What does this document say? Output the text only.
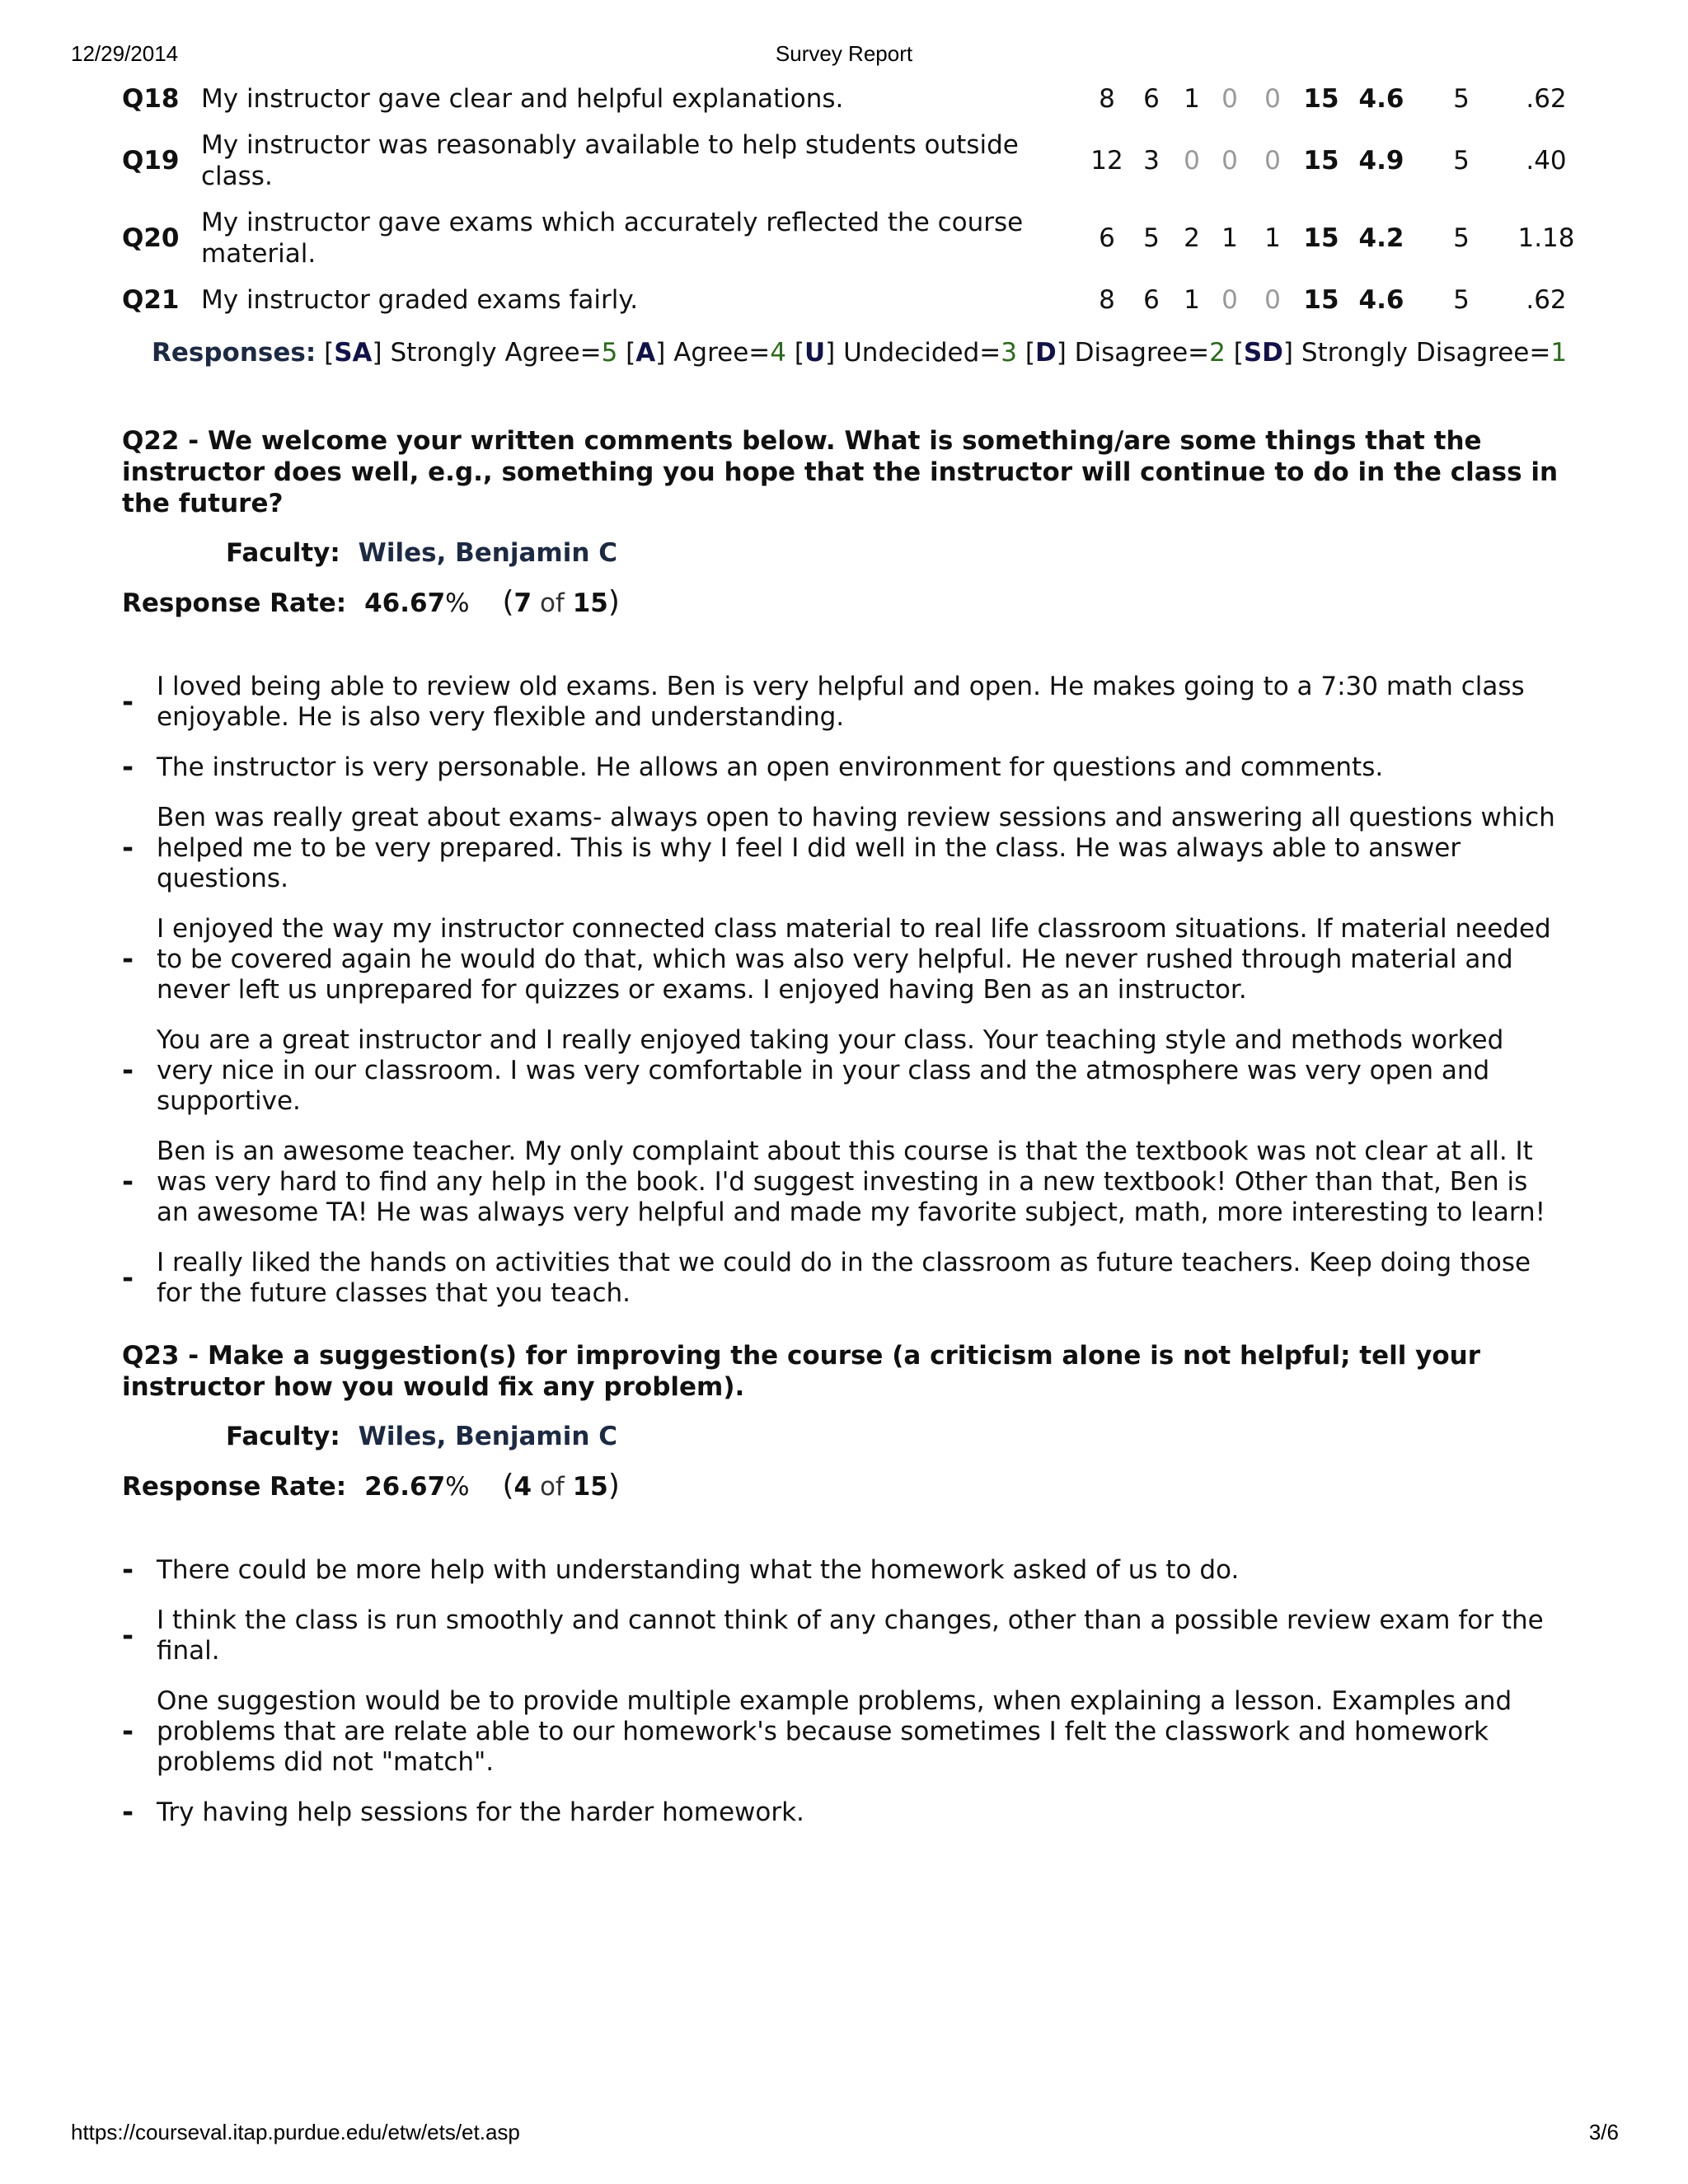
12/29/2014	Survey Report
Q18	My instructor gave clear and helpful explanations.	8	6	1	0	0	15	4.6	5	.62
Q19	My instructor was reasonably available to help students outside class.	12	3	0	0	0	15	4.9	5	.40
Q20	My instructor gave exams which accurately reflected the course material.	6	5	2	1	1	15	4.2	5	1.18
Q21	My instructor graded exams fairly.	8	6	1	0	0	15	4.6	5	.62
Responses: [SA] Strongly Agree=5 [A] Agree=4 [U] Undecided=3 [D] Disagree=2 [SD] Strongly Disagree=1

Q22 - We welcome your written comments below. What is something/are some things that the instructor does well, e.g., something you hope that the instructor will continue to do in the class in the future?

Faculty: Wiles, Benjamin C
Response Rate: 46.67% (7 of 15)
- I loved being able to review old exams. Ben is very helpful and open. He makes going to a 7:30 math class enjoyable. He is also very flexible and understanding.
- The instructor is very personable. He allows an open environment for questions and comments.
-
Ben was really great about exams- always open to having review sessions and answering all questions which helped me to be very prepared. This is why I feel I did well in the class. He was always able to answer questions.
-
I enjoyed the way my instructor connected class material to real life classroom situations. If material needed to be covered again he would do that, which was also very helpful. He never rushed through material and never left us unprepared for quizzes or exams. I enjoyed having Ben as an instructor.
-
You are a great instructor and I really enjoyed taking your class. Your teaching style and methods worked very nice in our classroom. I was very comfortable in your class and the atmosphere was very open and supportive.
-
Ben is an awesome teacher. My only complaint about this course is that the textbook was not clear at all. It was very hard to find any help in the book. I'd suggest investing in a new textbook! Other than that, Ben is an awesome TA! He was always very helpful and made my favorite subject, math, more interesting to learn!
- I really liked the hands on activities that we could do in the classroom as future teachers. Keep doing those for the future classes that you teach.

Q23 - Make a suggestion(s) for improving the course (a criticism alone is not helpful; tell your instructor how you would fix any problem).

Faculty: Wiles, Benjamin C
Response Rate: 26.67% (4 of 15)
- There could be more help with understanding what the homework asked of us to do.
- I think the class is run smoothly and cannot think of any changes, other than a possible review exam for the final.
-
One suggestion would be to provide multiple example problems, when explaining a lesson. Examples and problems that are relate able to our homework's because sometimes I felt the classwork and homework problems did not "match".
- Try having help sessions for the harder homework.
https://courseval.itap.purdue.edu/etw/ets/et.asp	3/6
